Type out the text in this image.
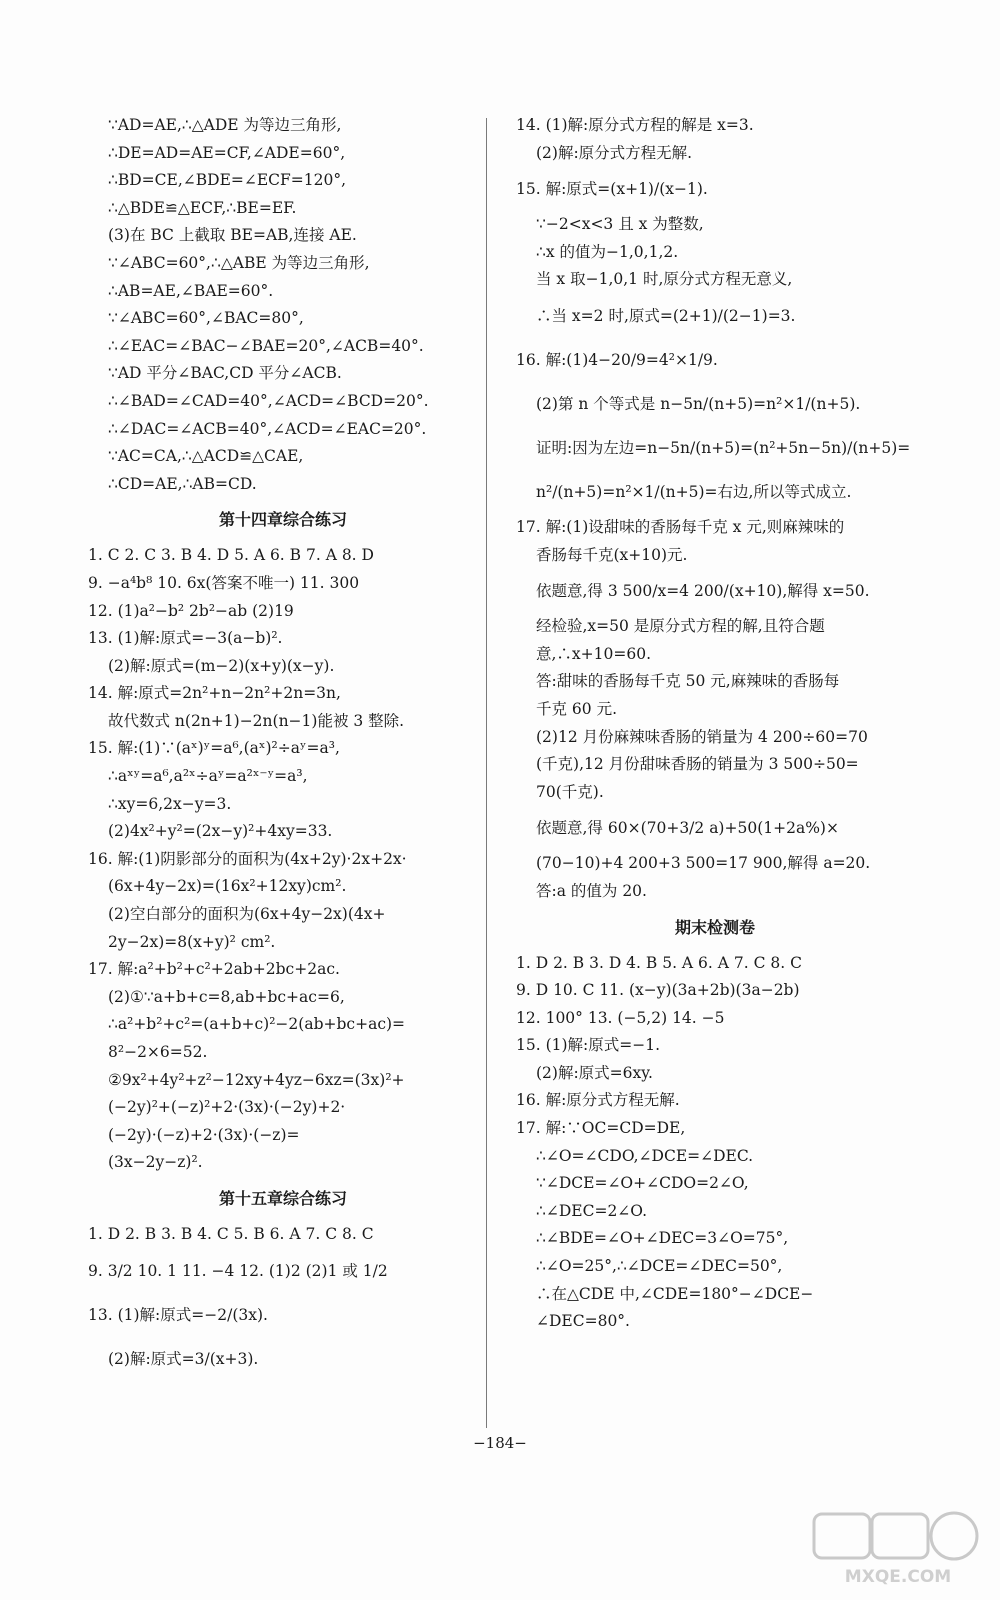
∵AD=AE,∴△ADE 为等边三角形,
∴DE=AD=AE=CF,∠ADE=60°,
∴BD=CE,∠BDE=∠ECF=120°,
∴△BDE≌△ECF,∴BE=EF.
(3)在 BC 上截取 BE=AB,连接 AE.
∵∠ABC=60°,∴△ABE 为等边三角形,
∴AB=AE,∠BAE=60°.
∵∠ABC=60°,∠BAC=80°,
∴∠EAC=∠BAC−∠BAE=20°,∠ACB=40°.
∵AD 平分∠BAC,CD 平分∠ACB.
∴∠BAD=∠CAD=40°,∠ACD=∠BCD=20°.
∴∠DAC=∠ACB=40°,∠ACD=∠EAC=20°.
∵AC=CA,∴△ACD≌△CAE,
∴CD=AE,∴AB=CD.
第十四章综合练习
1. C 2. C 3. B 4. D 5. A 6. B 7. A 8. D
9. −a⁴b⁸ 10. 6x(答案不唯一) 11. 300
12. (1)a²−b² 2b²−ab (2)19
13. (1)解:原式=−3(a−b)².
(2)解:原式=(m−2)(x+y)(x−y).
14. 解:原式=2n²+n−2n²+2n=3n,
故代数式 n(2n+1)−2n(n−1)能被 3 整除.
15. 解:(1)∵(aˣ)ʸ=a⁶,(aˣ)²÷aʸ=a³,
∴aˣʸ=a⁶,a²ˣ÷aʸ=a²ˣ⁻ʸ=a³,
∴xy=6,2x−y=3.
(2)4x²+y²=(2x−y)²+4xy=33.
16. 解:(1)阴影部分的面积为(4x+2y)·2x+2x·
(6x+4y−2x)=(16x²+12xy)cm².
(2)空白部分的面积为(6x+4y−2x)(4x+
2y−2x)=8(x+y)² cm².
17. 解:a²+b²+c²+2ab+2bc+2ac.
(2)①∵a+b+c=8,ab+bc+ac=6,
∴a²+b²+c²=(a+b+c)²−2(ab+bc+ac)=
8²−2×6=52.
②9x²+4y²+z²−12xy+4yz−6xz=(3x)²+
(−2y)²+(−z)²+2·(3x)·(−2y)+2·
(−2y)·(−z)+2·(3x)·(−z)=
(3x−2y−z)².
第十五章综合练习
1. D 2. B 3. B 4. C 5. B 6. A 7. C 8. C
9. 3/2 10. 1 11. −4 12. (1)2 (2)1 或 1/2
13. (1)解:原式=−2/(3x).
(2)解:原式=3/(x+3).
14. (1)解:原分式方程的解是 x=3.
(2)解:原分式方程无解.
15. 解:原式=(x+1)/(x−1).
∵−2<x<3 且 x 为整数,
∴x 的值为−1,0,1,2.
当 x 取−1,0,1 时,原分式方程无意义,
∴当 x=2 时,原式=(2+1)/(2−1)=3.
16. 解:(1)4−20/9=4²×1/9.
(2)第 n 个等式是 n−5n/(n+5)=n²×1/(n+5).
证明:因为左边=n−5n/(n+5)=(n²+5n−5n)/(n+5)=
n²/(n+5)=n²×1/(n+5)=右边,所以等式成立.
17. 解:(1)设甜味的香肠每千克 x 元,则麻辣味的
香肠每千克(x+10)元.
依题意,得 3 500/x=4 200/(x+10),解得 x=50.
经检验,x=50 是原分式方程的解,且符合题
意,∴x+10=60.
答:甜味的香肠每千克 50 元,麻辣味的香肠每
千克 60 元.
(2)12 月份麻辣味香肠的销量为 4 200÷60=70
(千克),12 月份甜味香肠的销量为 3 500÷50=
70(千克).
依题意,得 60×(70+3/2 a)+50(1+2a%)×
(70−10)+4 200+3 500=17 900,解得 a=20.
答:a 的值为 20.
期末检测卷
1. D 2. B 3. D 4. B 5. A 6. A 7. C 8. C
9. D 10. C 11. (x−y)(3a+2b)(3a−2b)
12. 100° 13. (−5,2) 14. −5
15. (1)解:原式=−1.
(2)解:原式=6xy.
16. 解:原分式方程无解.
17. 解:∵OC=CD=DE,
∴∠O=∠CDO,∠DCE=∠DEC.
∵∠DCE=∠O+∠CDO=2∠O,
∴∠DEC=2∠O.
∴∠BDE=∠O+∠DEC=3∠O=75°,
∴∠O=25°,∴∠DCE=∠DEC=50°,
∴在△CDE 中,∠CDE=180°−∠DCE−
∠DEC=80°.
−184−
MXQE.COM
